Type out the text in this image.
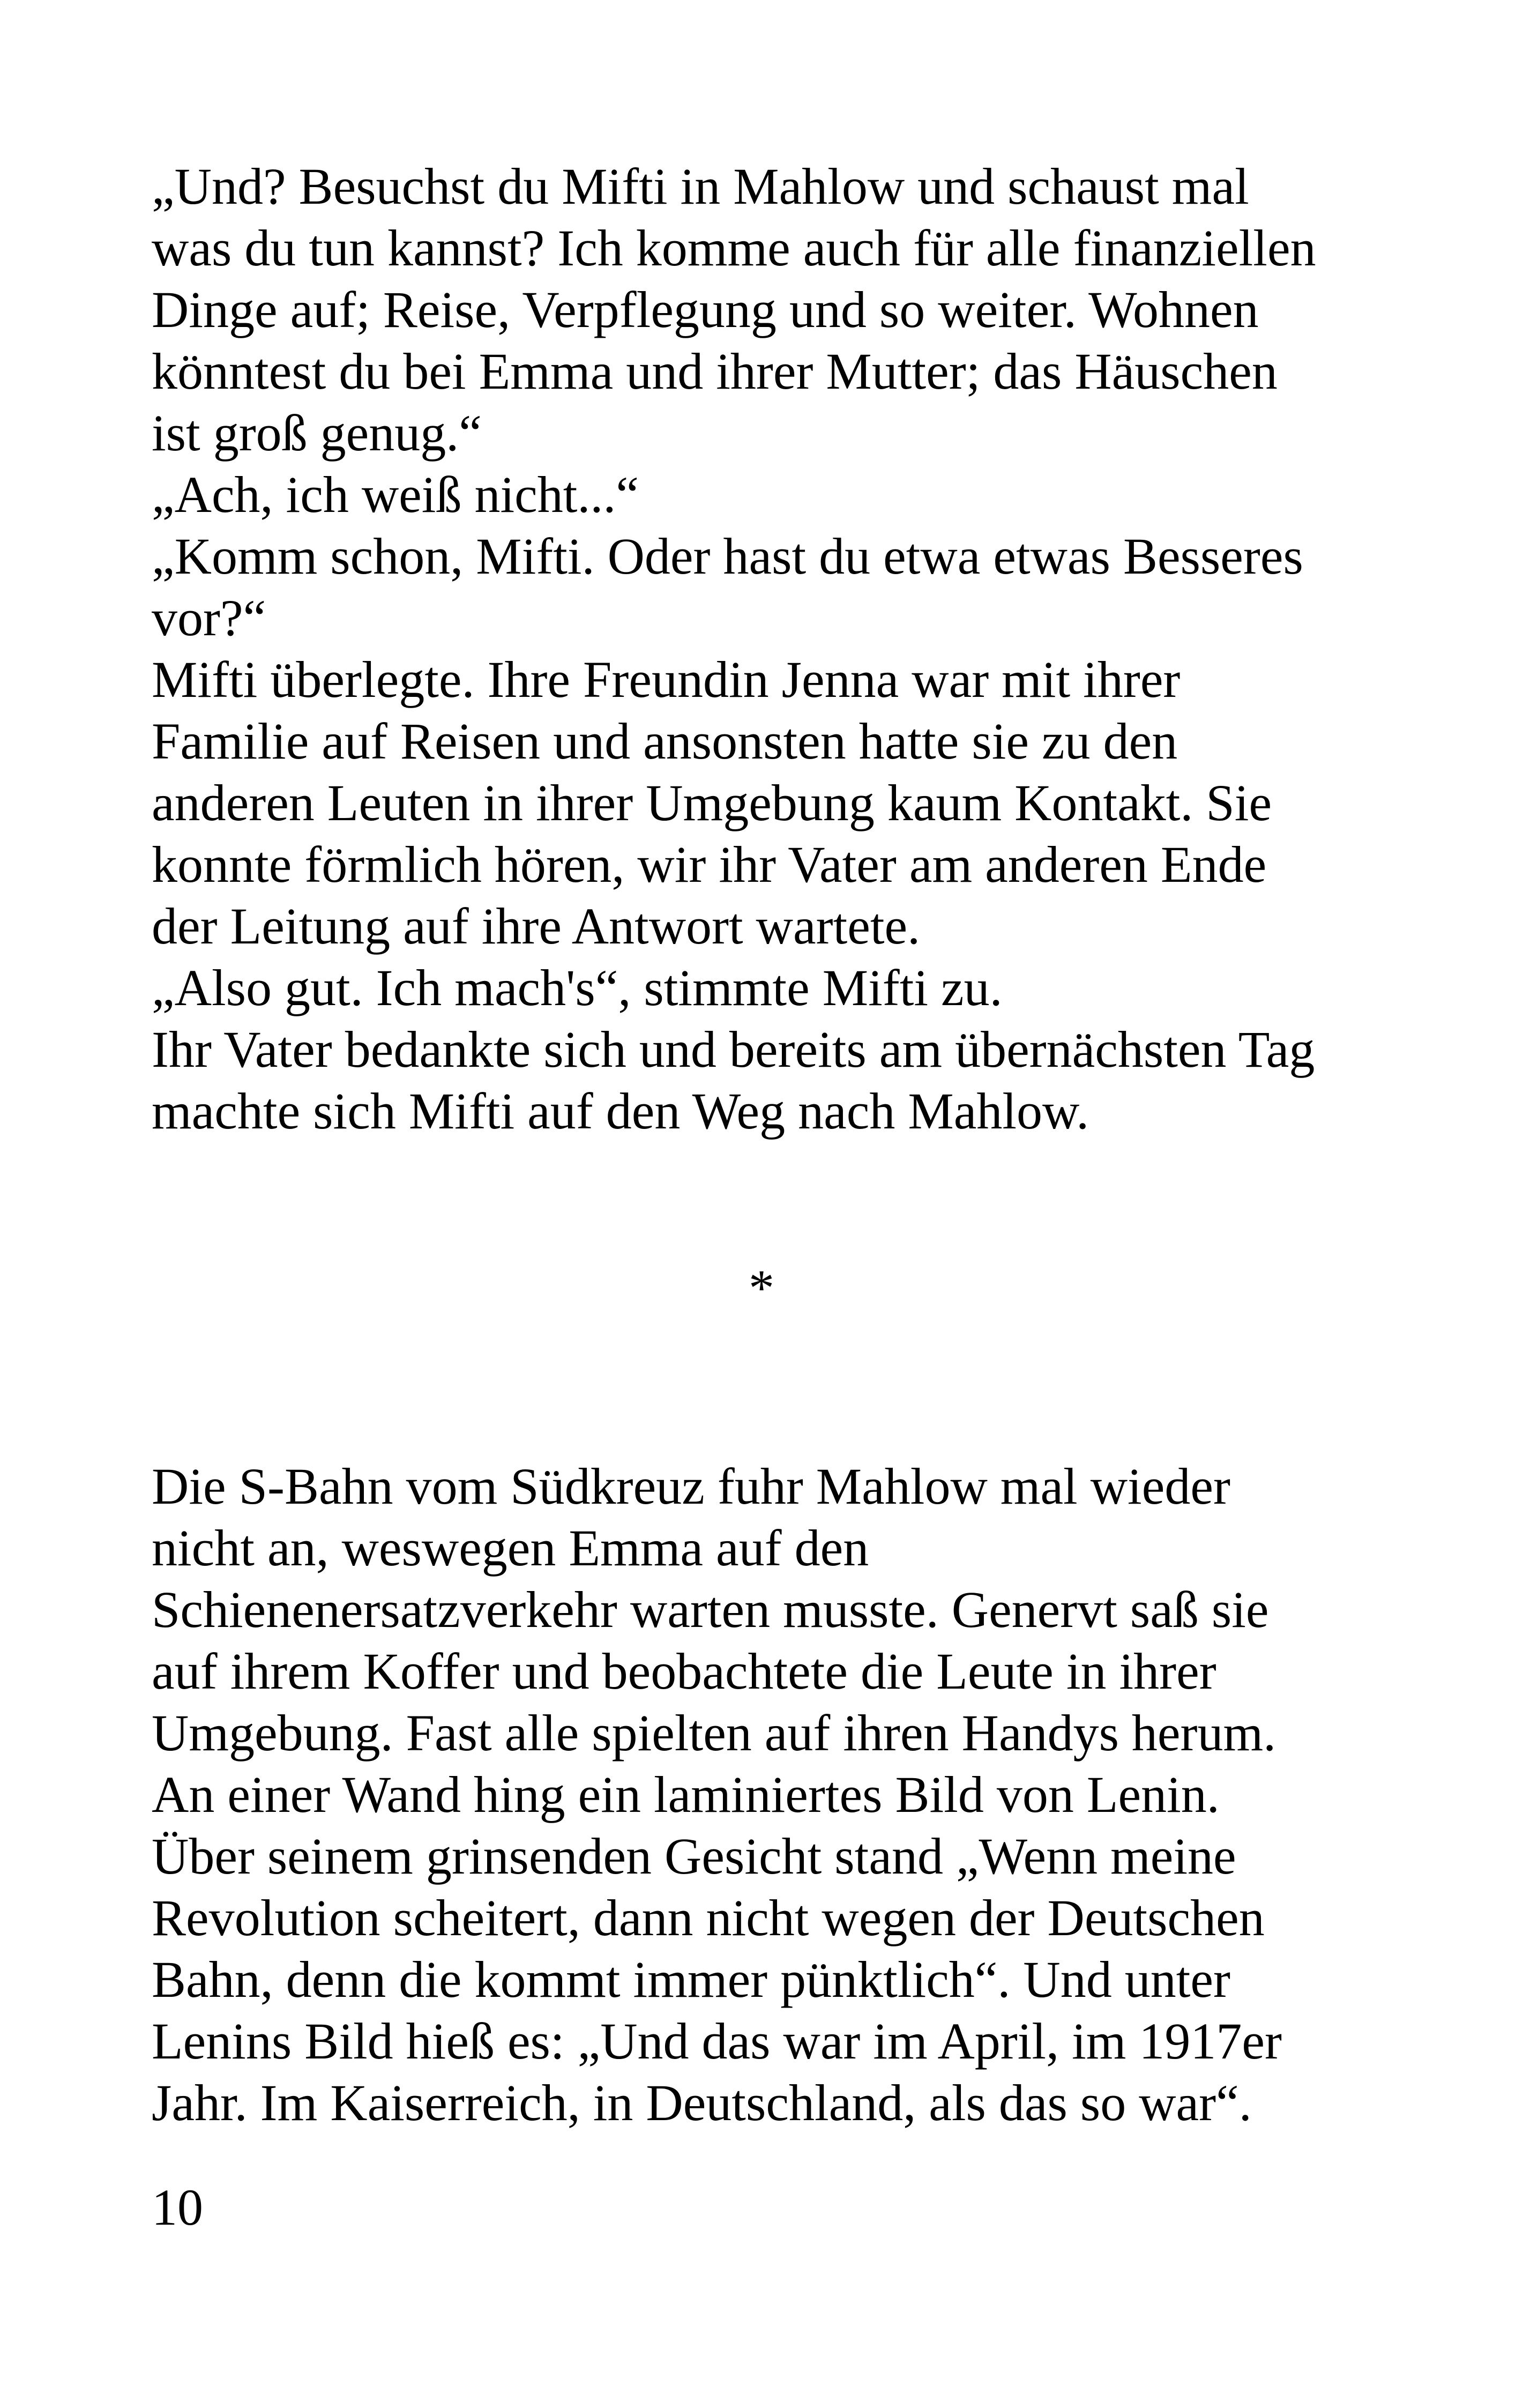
„Und? Besuchst du Mifti in Mahlow und schaust mal
was du tun kannst? Ich komme auch für alle finanziellen
Dinge auf; Reise, Verpflegung und so weiter. Wohnen
könntest du bei Emma und ihrer Mutter; das Häuschen
ist groß genug.“
„Ach, ich weiß nicht...“
„Komm schon, Mifti. Oder hast du etwa etwas Besseres
vor?“
Mifti überlegte. Ihre Freundin Jenna war mit ihrer
Familie auf Reisen und ansonsten hatte sie zu den
anderen Leuten in ihrer Umgebung kaum Kontakt. Sie
konnte förmlich hören, wir ihr Vater am anderen Ende
der Leitung auf ihre Antwort wartete.
„Also gut. Ich mach's“, stimmte Mifti zu.
Ihr Vater bedankte sich und bereits am übernächsten Tag
machte sich Mifti auf den Weg nach Mahlow.
*
Die S-Bahn vom Südkreuz fuhr Mahlow mal wieder
nicht an, weswegen Emma auf den
Schienenersatzverkehr warten musste. Genervt saß sie
auf ihrem Koffer und beobachtete die Leute in ihrer
Umgebung. Fast alle spielten auf ihren Handys herum.
An einer Wand hing ein laminiertes Bild von Lenin.
Über seinem grinsenden Gesicht stand „Wenn meine
Revolution scheitert, dann nicht wegen der Deutschen
Bahn, denn die kommt immer pünktlich“. Und unter
Lenins Bild hieß es: „Und das war im April, im 1917er
Jahr. Im Kaiserreich, in Deutschland, als das so war“.
10
